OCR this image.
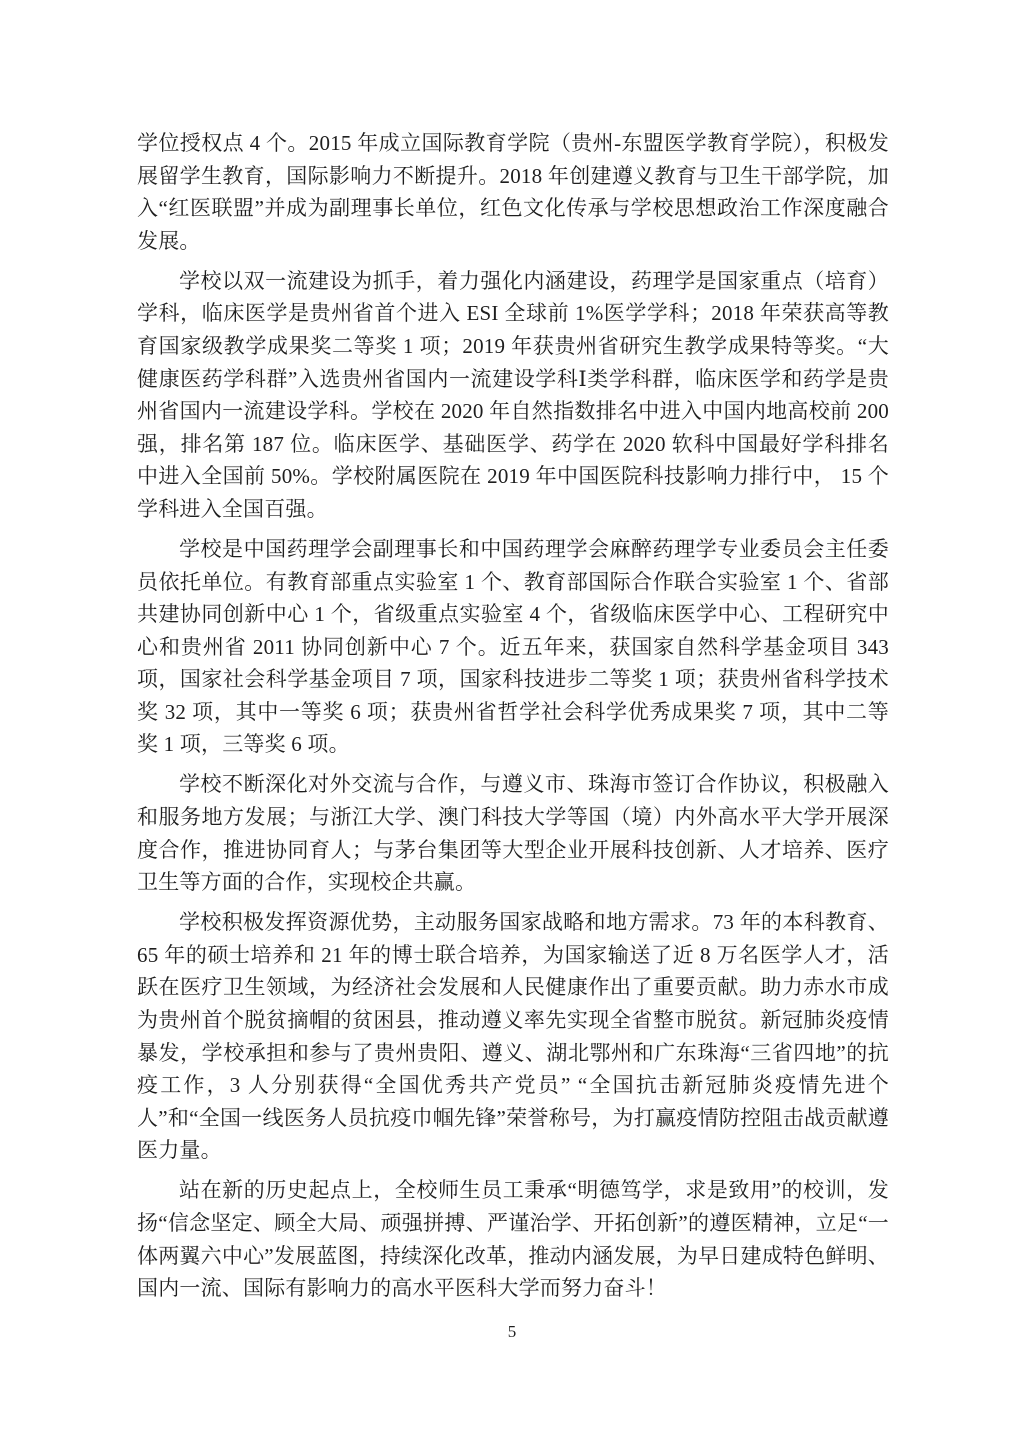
学位授权点 4 个。2015 年成立国际教育学院（贵州-东盟医学教育学院），积极发展留学生教育，国际影响力不断提升。2018 年创建遵义教育与卫生干部学院，加入“红医联盟”并成为副理事长单位，红色文化传承与学校思想政治工作深度融合发展。

学校以双一流建设为抓手，着力强化内涵建设，药理学是国家重点（培育）学科，临床医学是贵州省首个进入 ESI 全球前 1%医学学科；2018 年荣获高等教育国家级教学成果奖二等奖 1 项；2019 年获贵州省研究生教学成果特等奖。“大健康医药学科群”入选贵州省国内一流建设学科Ⅰ类学科群，临床医学和药学是贵州省国内一流建设学科。学校在 2020 年自然指数排名中进入中国内地高校前 200 强，排名第 187 位。临床医学、基础医学、药学在 2020 软科中国最好学科排名中进入全国前 50%。学校附属医院在 2019 年中国医院科技影响力排行中， 15 个学科进入全国百强。

学校是中国药理学会副理事长和中国药理学会麻醉药理学专业委员会主任委员依托单位。有教育部重点实验室 1 个、教育部国际合作联合实验室 1 个、省部共建协同创新中心 1 个，省级重点实验室 4 个，省级临床医学中心、工程研究中心和贵州省 2011 协同创新中心 7 个。近五年来，获国家自然科学基金项目 343 项，国家社会科学基金项目 7 项，国家科技进步二等奖 1 项；获贵州省科学技术奖 32 项，其中一等奖 6 项；获贵州省哲学社会科学优秀成果奖 7 项，其中二等奖 1 项，三等奖 6 项。

学校不断深化对外交流与合作，与遵义市、珠海市签订合作协议，积极融入和服务地方发展；与浙江大学、澳门科技大学等国（境）内外高水平大学开展深度合作，推进协同育人；与茅台集团等大型企业开展科技创新、人才培养、医疗卫生等方面的合作，实现校企共赢。

学校积极发挥资源优势，主动服务国家战略和地方需求。73 年的本科教育、65 年的硕士培养和 21 年的博士联合培养，为国家输送了近 8 万名医学人才，活跃在医疗卫生领域，为经济社会发展和人民健康作出了重要贡献。助力赤水市成为贵州首个脱贫摘帽的贫困县，推动遵义率先实现全省整市脱贫。新冠肺炎疫情暴发，学校承担和参与了贵州贵阳、遵义、湖北鄂州和广东珠海“三省四地”的抗疫工作，3 人分别获得“全国优秀共产党员” “全国抗击新冠肺炎疫情先进个人”和“全国一线医务人员抗疫巾帼先锋”荣誉称号，为打赢疫情防控阻击战贡献遵医力量。

站在新的历史起点上，全校师生员工秉承“明德笃学，求是致用”的校训，发扬“信念坚定、顾全大局、顽强拼搏、严谨治学、开拓创新”的遵医精神，立足“一体两翼六中心”发展蓝图，持续深化改革，推动内涵发展，为早日建成特色鲜明、国内一流、国际有影响力的高水平医科大学而努力奋斗！

5
